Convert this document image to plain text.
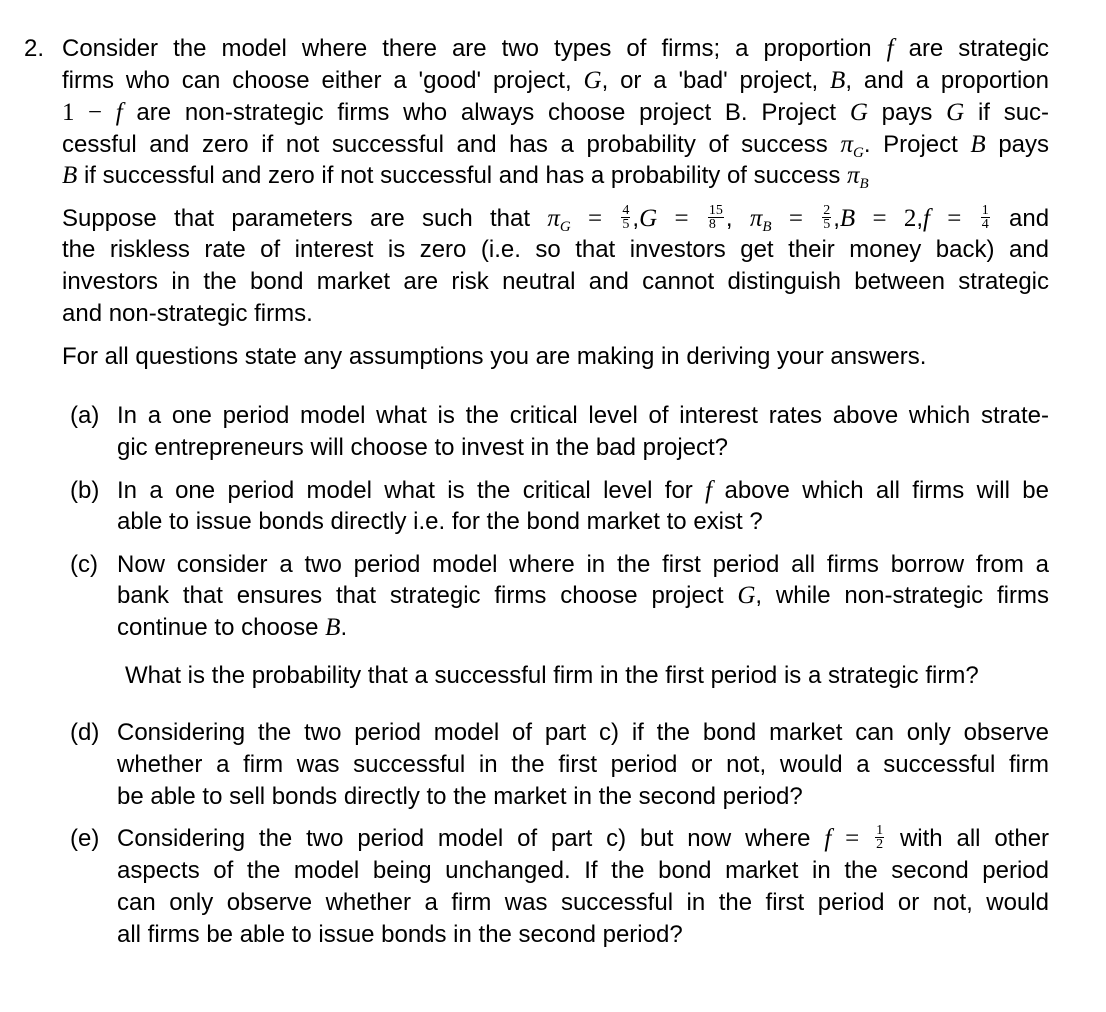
2. Consider the model where there are two types of firms; a proportion f are strategic
firms who can choose either a 'good' project, G, or a 'bad' project, B, and a proportion
1 − f are non-strategic firms who always choose project B. Project G pays G if suc-
cessful and zero if not successful and has a probability of success $\pi_G$. Project B pays
B if successful and zero if not successful and has a probability of success $\pi_B$
Suppose that parameters are such that $\pi_G = \frac{4}{5} ,G = \frac{15}{8}$ , $\pi_B = \frac{2}{5} ,B = 2,f = \frac{1}{4}$ and
the riskless rate of interest is zero (i.e. so that investors get their money back) and
investors in the bond market are risk neutral and cannot distinguish between strategic
and non-strategic firms.
For all questions state any assumptions you are making in deriving your answers.
(a) In a one period model what is the critical level of interest rates above which strate-
gic entrepreneurs will choose to invest in the bad project?
(b) In a one period model what is the critical level for f above which all firms will be
able to issue bonds directly i.e. for the bond market to exist ?
(c) Now consider a two period model where in the first period all firms borrow from a
bank that ensures that strategic firms choose project G, while non-strategic firms
continue to choose B.
What is the probability that a successful firm in the first period is a strategic firm?
(d) Considering the two period model of part c) if the bond market can only observe
whether a firm was successful in the first period or not, would a successful firm
be able to sell bonds directly to the market in the second period?
(e) Considering the two period model of part c) but now where $f = \frac{1}{2}$ with all other
aspects of the model being unchanged. If the bond market in the second period
can only observe whether a firm was successful in the first period or not, would
all firms be able to issue bonds in the second period?
